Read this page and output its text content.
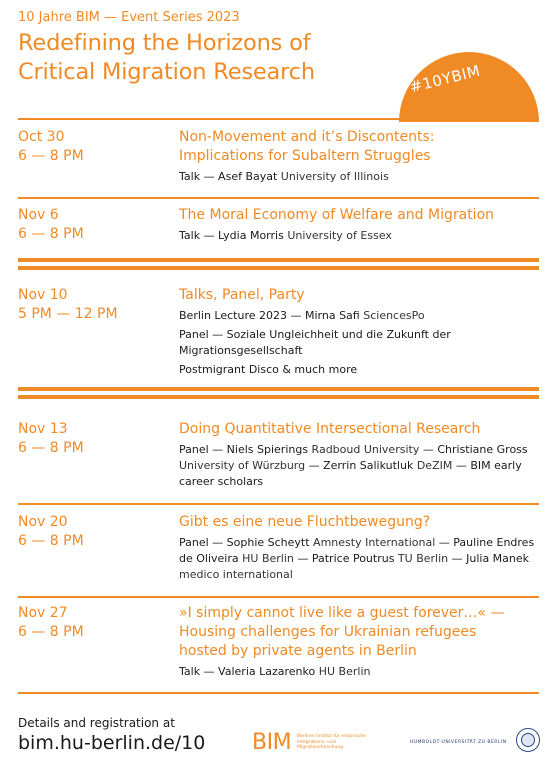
10 Jahre BIM — Event Series 2023
Redefining the Horizons of
Critical Migration Research	#10YBIM
Oct 30
6 — 8 PM
Non-Movement and it’s Discontents:
Implications for Subaltern Struggles
Talk — Asef Bayat University of Illinois
Nov 6
6 — 8 PM
The Moral Economy of Welfare and Migration
Talk — Lydia Morris University of Essex
Nov 10
5 PM — 12 PM
Talks, Panel, Party
Berlin Lecture 2023 — Mirna Safi SciencesPo
Panel — Soziale Ungleichheit und die Zukunft der Migrationsgesellschaft
Postmigrant Disco & much more
Nov 13
6 — 8 PM
Doing Quantitative Intersectional Research
Panel — Niels Spierings Radboud University — Christiane Gross University of Würzburg — Zerrin Salikutluk DeZIM — BIM early career scholars
Nov 20
6 — 8 PM
Gibt es eine neue Fluchtbewegung?
Panel — Sophie Scheytt Amnesty International — Pauline Endres de Oliveira HU Berlin — Patrice Poutrus TU Berlin — Julia Manek medico international
Nov 27
6 — 8 PM
»I simply cannot live like a guest forever…« —
Housing challenges for Ukrainian refugees
hosted by private agents in Berlin
Talk — Valeria Lazarenko HU Berlin
Details and registration at
bim.hu-berlin.de/10 BIM Berliner Institut für empirische Integrations- und Migrationsforschung
HUMBOLDT-UNIVERSITÄT ZU BERLIN
